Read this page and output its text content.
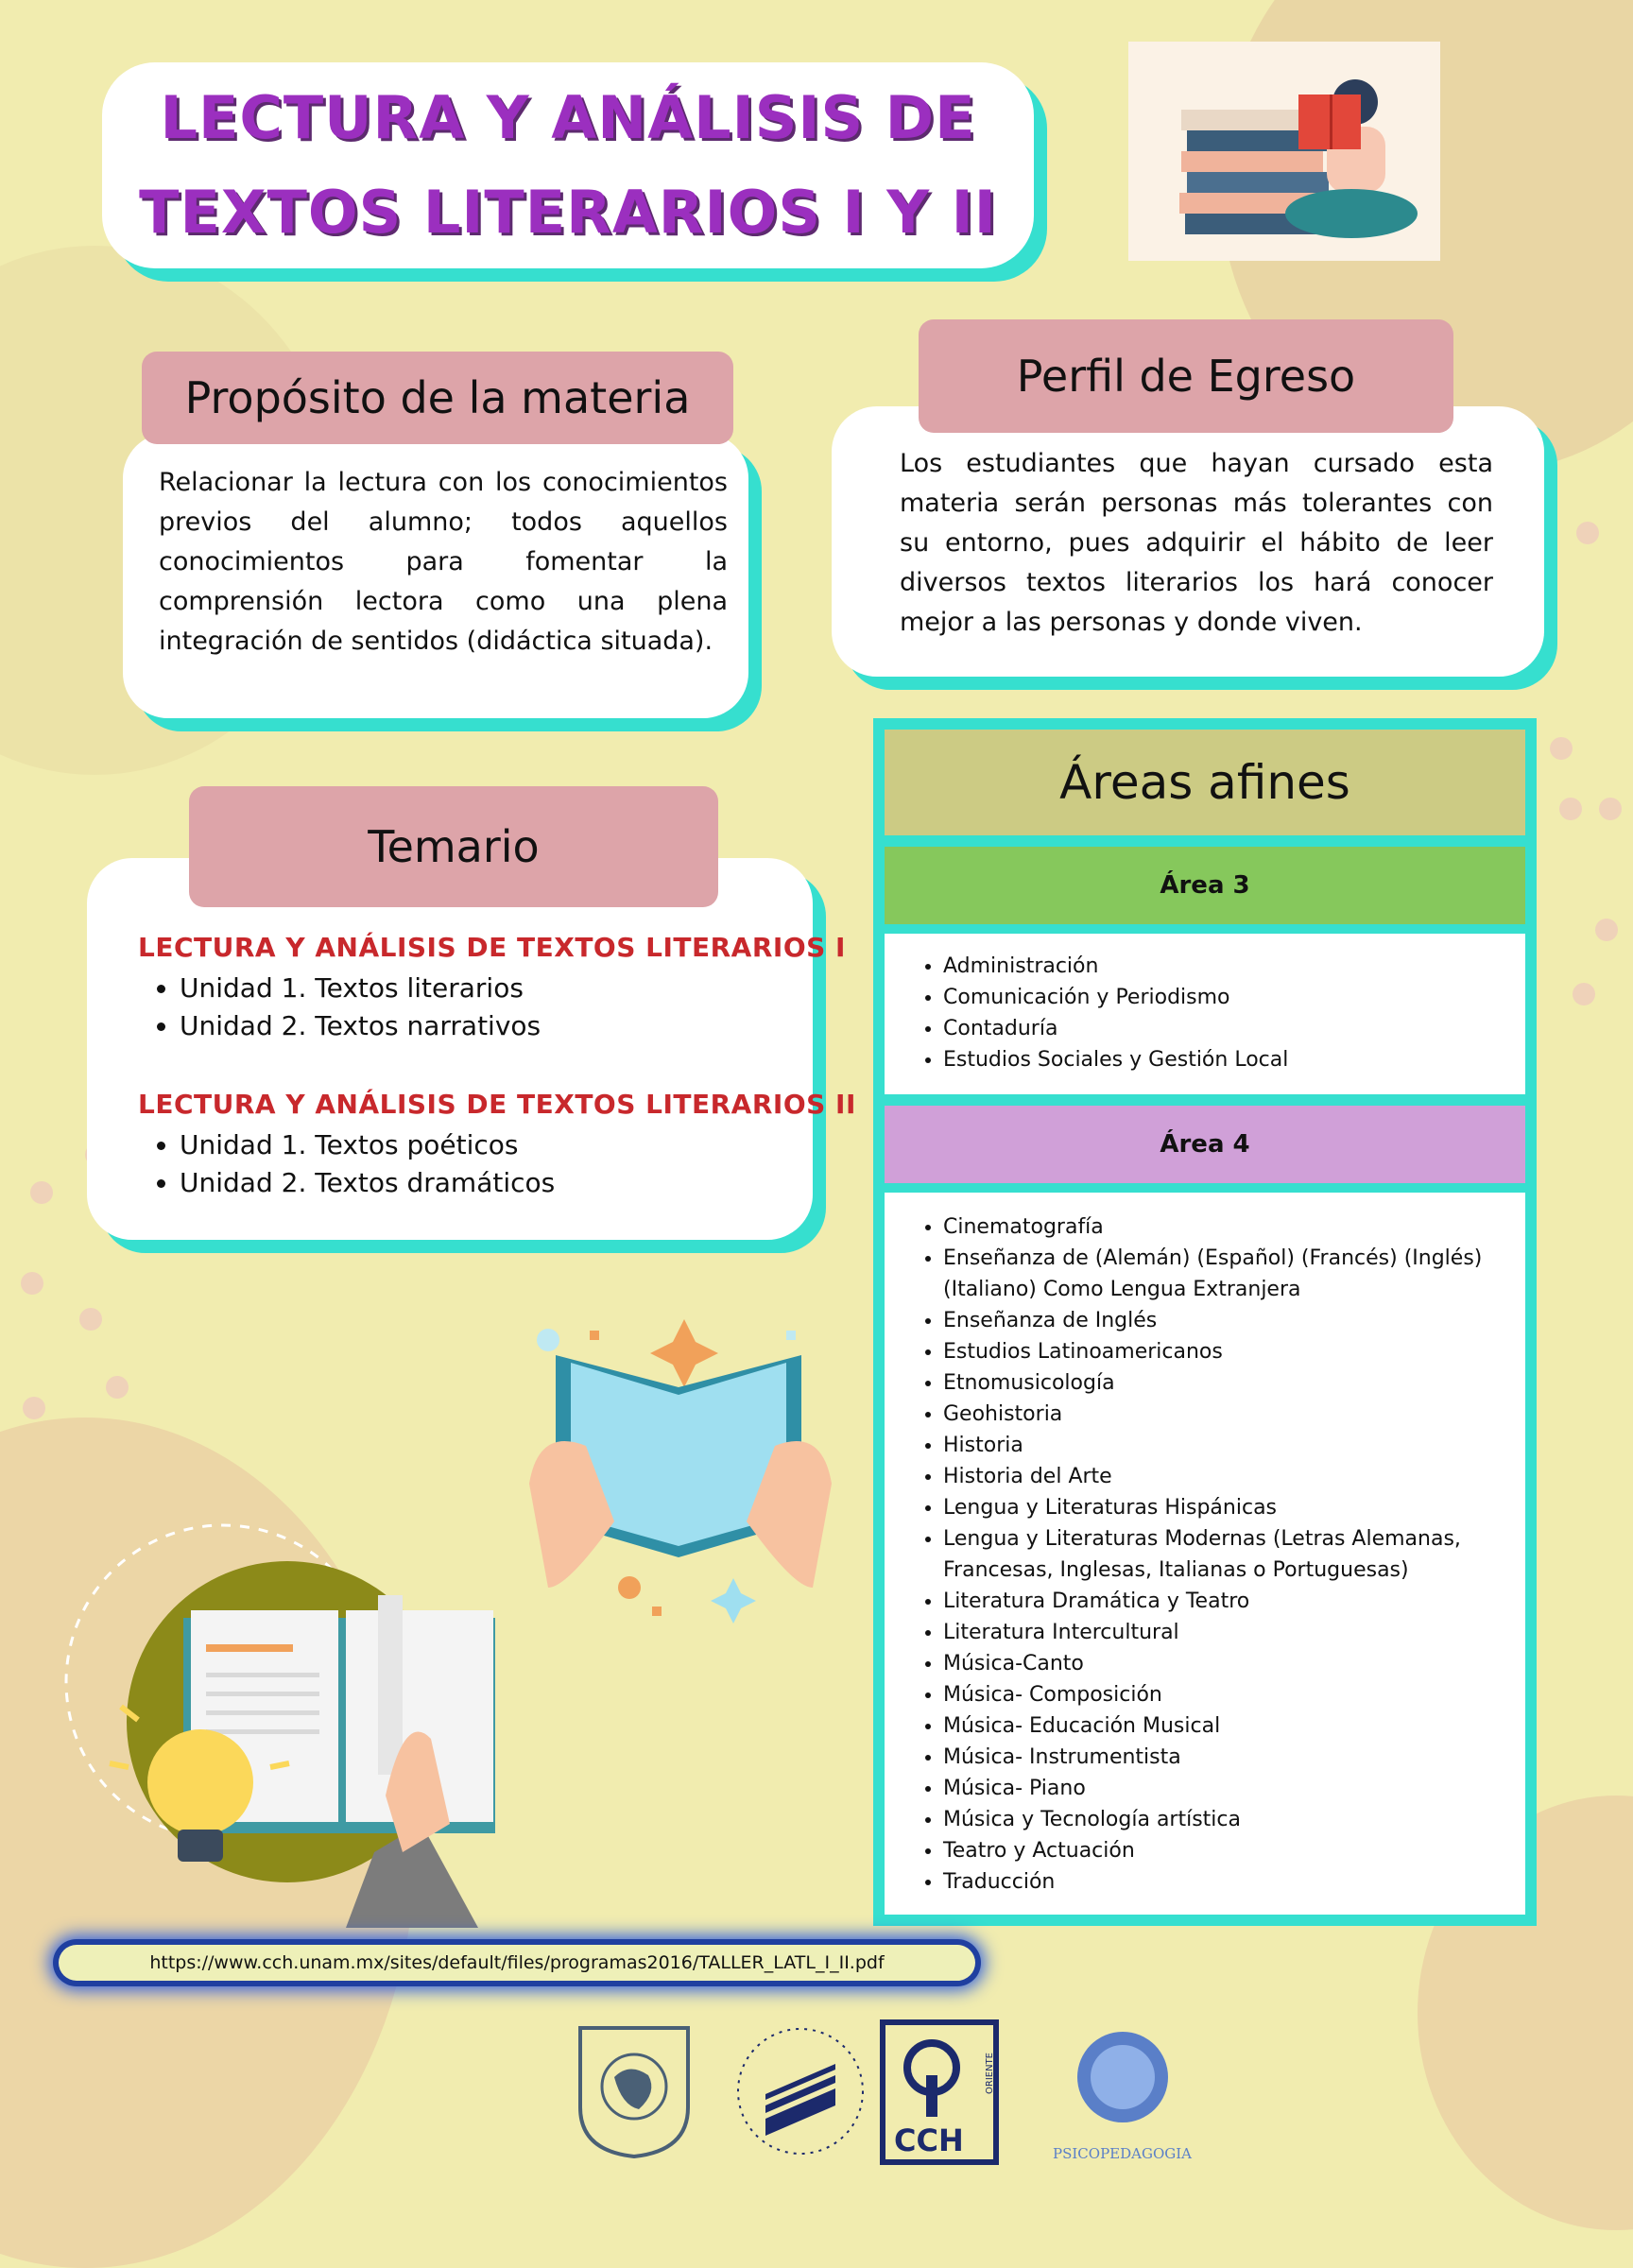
LECTURA Y ANÁLISIS DE
TEXTOS LITERARIOS I Y II
Propósito de la materia
Relacionar la lectura con los conocimientos previos del alumno; todos aquellos conocimientos para fomentar la comprensión lectora como una plena integración de sentidos (didáctica situada).
Perfil de Egreso
Los estudiantes que hayan cursado esta materia serán personas más tolerantes con su entorno, pues adquirir el hábito de leer diversos textos literarios los hará conocer mejor a las personas y donde viven.
Temario
LECTURA Y ANÁLISIS DE TEXTOS LITERARIOS I
• Unidad 1. Textos literarios
• Unidad 2. Textos narrativos
LECTURA Y ANÁLISIS DE TEXTOS LITERARIOS II
• Unidad 1. Textos poéticos
• Unidad 2. Textos dramáticos
Áreas afines
Área 3
• Administración
• Comunicación y Periodismo
• Contaduría
• Estudios Sociales y Gestión Local
Área 4
• Cinematografía
• Enseñanza de (Alemán) (Español) (Francés) (Inglés) (Italiano) Como Lengua Extranjera
• Enseñanza de Inglés
• Estudios Latinoamericanos
• Etnomusicología
• Geohistoria
• Historia
• Historia del Arte
• Lengua y Literaturas Hispánicas
• Lengua y Literaturas Modernas (Letras Alemanas, Francesas, Inglesas, Italianas o Portuguesas)
• Literatura Dramática y Teatro
• Literatura Intercultural
• Música-Canto
• Música- Composición
• Música- Educación Musical
• Música- Instrumentista
• Música- Piano
• Música y Tecnología artística
• Teatro y Actuación
• Traducción
https://www.cch.unam.mx/sites/default/files/programas2016/TALLER_LATL_I_II.pdf
CCH
ORIENTE
PSICOPEDAGOGIA
